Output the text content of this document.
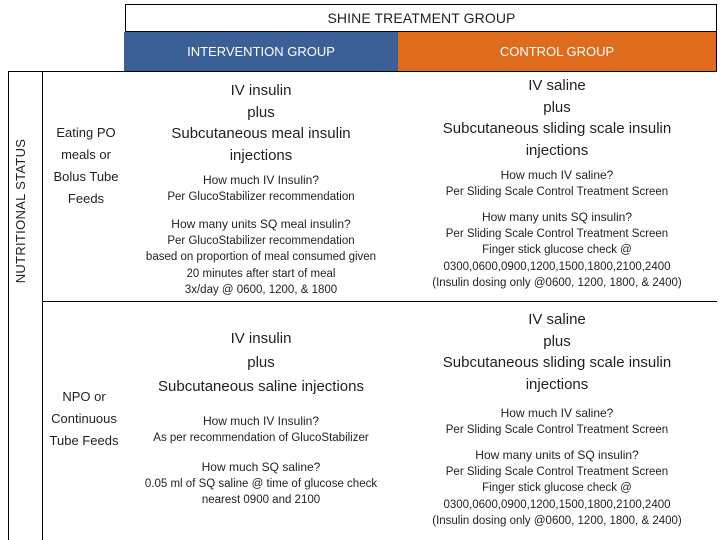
SHINE TREATMENT GROUP
INTERVENTION GROUP	CONTROL GROUP
NUTRITIONAL STATUS
Eating PO
meals or
Bolus Tube
Feeds
IV insulin
plus
Subcutaneous meal insulin
injections
How much IV Insulin?
Per GlucoStabilizer recommendation
How many units SQ meal insulin?
Per GlucoStabilizer recommendation
based on proportion of meal consumed given
20 minutes after start of meal
3x/day @ 0600, 1200, & 1800
IV saline
plus
Subcutaneous sliding scale insulin
injections
How much IV saline?
Per Sliding Scale Control Treatment Screen
How many units SQ insulin?
Per Sliding Scale Control Treatment Screen
Finger stick glucose check @
0300,0600,0900,1200,1500,1800,2100,2400
(Insulin dosing only @0600, 1200, 1800, & 2400)
NPO or
Continuous
Tube Feeds
IV insulin
plus
Subcutaneous saline injections
How much IV Insulin?
As per recommendation of GlucoStabilizer
How much SQ saline?
0.05 ml of SQ saline @ time of glucose check
nearest 0900 and 2100
IV saline
plus
Subcutaneous sliding scale insulin
injections
How much IV saline?
Per Sliding Scale Control Treatment Screen
How many units of SQ insulin?
Per Sliding Scale Control Treatment Screen
Finger stick glucose check @
0300,0600,0900,1200,1500,1800,2100,2400
(Insulin dosing only @0600, 1200, 1800, & 2400)
